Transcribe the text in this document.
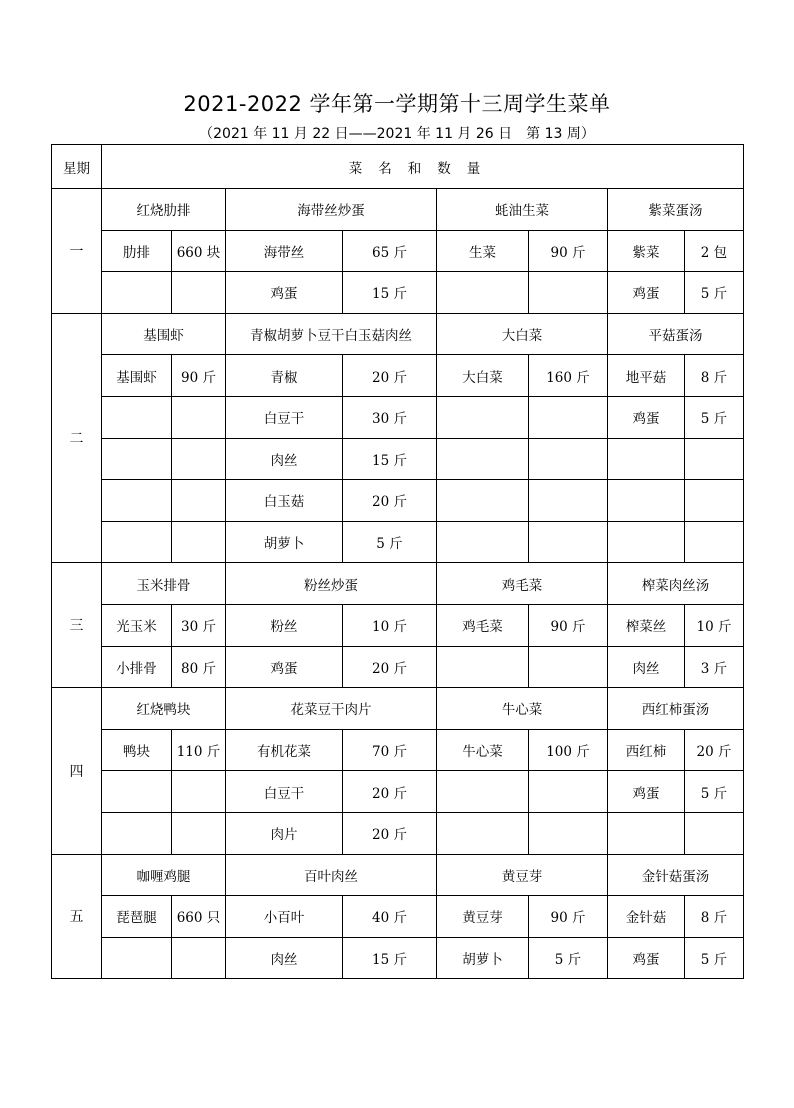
2021-2022 学年第一学期第十三周学生菜单
（2021 年 11 月 22 日——2021 年 11 月 26 日　第 13 周）
星期	菜名和数量							
一	红烧肋排		海带丝炒蛋		蚝油生菜		紫菜蛋汤	
	肋排	660 块	海带丝	65 斤	生菜	90 斤	紫菜	2 包
			鸡蛋	15 斤			鸡蛋	5 斤
二	基围虾		青椒胡萝卜豆干白玉菇肉丝		大白菜		平菇蛋汤	
	基围虾	90 斤	青椒	20 斤	大白菜	160 斤	地平菇	8 斤
			白豆干	30 斤			鸡蛋	5 斤
			肉丝	15 斤				
			白玉菇	20 斤				
			胡萝卜	5 斤				
三	玉米排骨		粉丝炒蛋		鸡毛菜		榨菜肉丝汤	
	光玉米	30 斤	粉丝	10 斤	鸡毛菜	90 斤	榨菜丝	10 斤
	小排骨	80 斤	鸡蛋	20 斤			肉丝	3 斤
四	红烧鸭块		花菜豆干肉片		牛心菜		西红柿蛋汤	
	鸭块	110 斤	有机花菜	70 斤	牛心菜	100 斤	西红柿	20 斤
			白豆干	20 斤			鸡蛋	5 斤
			肉片	20 斤				
五	咖喱鸡腿		百叶肉丝		黄豆芽		金针菇蛋汤	
	琵琶腿	660 只	小百叶	40 斤	黄豆芽	90 斤	金针菇	8 斤
			肉丝	15 斤	胡萝卜	5 斤	鸡蛋	5 斤
